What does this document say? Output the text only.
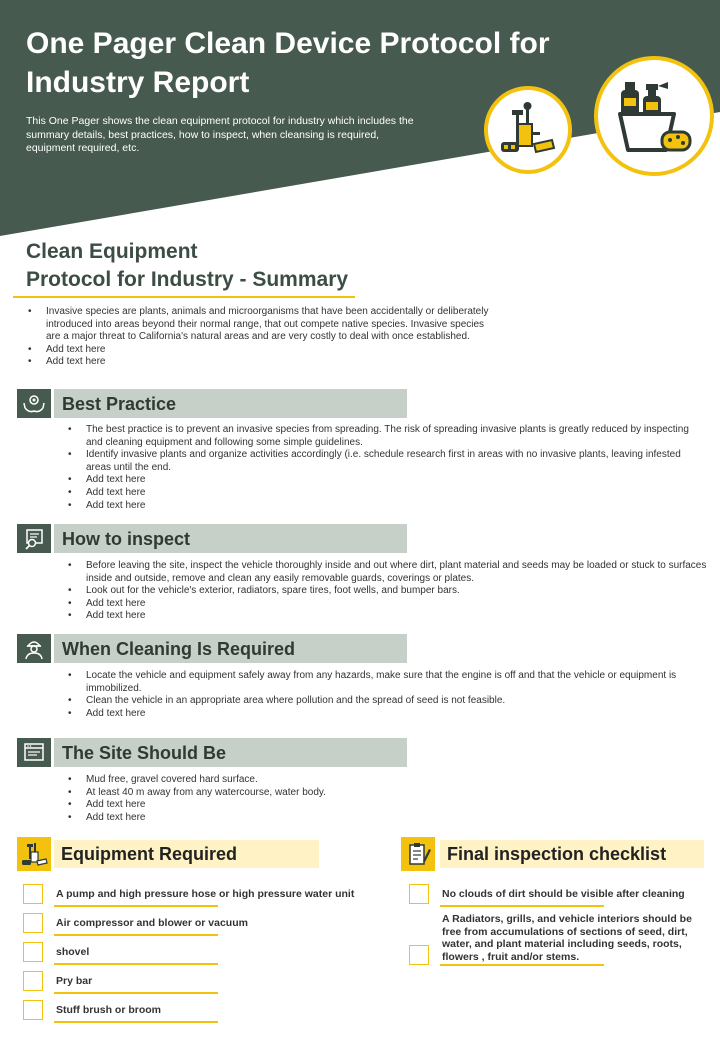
One Pager Clean Device Protocol for Industry Report

This One Pager shows the clean equipment protocol for industry which includes the summary details, best practices, how to inspect, when cleansing is required, equipment required, etc.

Clean Equipment
Protocol for Industry - Summary
• Invasive species are plants, animals and microorganisms that have been accidentally or deliberately introduced into areas beyond their normal range, that out compete native species. Invasive species are a major threat to California's natural areas and are very costly to deal with once established.
• Add text here
• Add text here
Best Practice
• The best practice is to prevent an invasive species from spreading. The risk of spreading invasive plants is greatly reduced by inspecting and cleaning equipment and following some simple guidelines.
• Identify invasive plants and organize activities accordingly (i.e. schedule research first in areas with no invasive plants, leaving infested areas until the end.
• Add text here
• Add text here
• Add text here
How to inspect
• Before leaving the site, inspect the vehicle thoroughly inside and out where dirt, plant material and seeds may be loaded or stuck to surfaces inside and outside, remove and clean any easily removable guards, coverings or plates.
• Look out for the vehicle's exterior, radiators, spare tires, foot wells, and bumper bars.
• Add text here
• Add text here
When Cleaning Is Required
• Locate the vehicle and equipment safely away from any hazards, make sure that the engine is off and that the vehicle or equipment is immobilized.
• Clean the vehicle in an appropriate area where pollution and the spread of seed is not feasible.
• Add text here
The Site Should Be
• Mud free, gravel covered hard surface.
• At least 40 m away from any watercourse, water body.
• Add text here
• Add text here
Equipment Required
A pump and high pressure hose or high pressure water unit
Air compressor and blower or vacuum
shovel
Pry bar
Stuff brush or broom
Final inspection checklist
No clouds of dirt should be visible after cleaning
A Radiators, grills, and vehicle interiors should be free from accumulations of sections of seed, dirt, water, and plant material including seeds, roots, flowers , fruit and/or stems.
